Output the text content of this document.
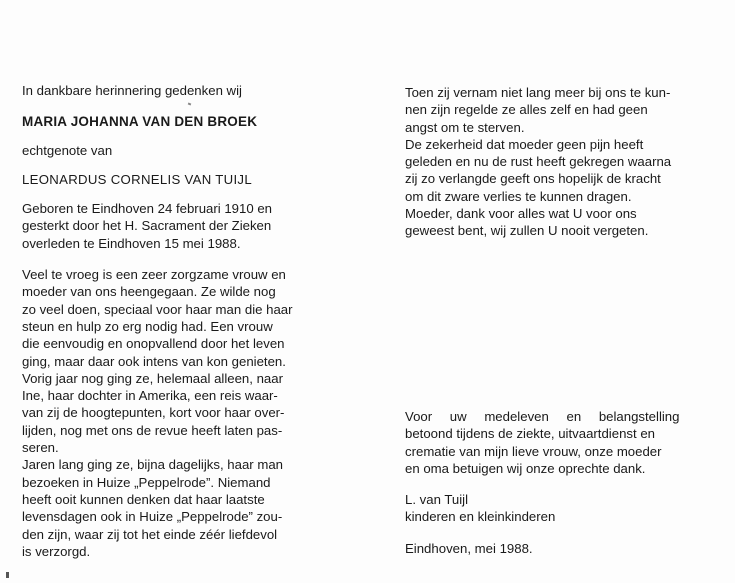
In dankbare herinnering gedenken wij
MARIA JOHANNA VAN DEN BROEK
echtgenote van
LEONARDUS CORNELIS VAN TUIJL
Geboren te Eindhoven 24 februari 1910 en
gesterkt door het H. Sacrament der Zieken
overleden te Eindhoven 15 mei 1988.
Veel te vroeg is een zeer zorgzame vrouw en
moeder van ons heengegaan. Ze wilde nog
zo veel doen, speciaal voor haar man die haar
steun en hulp zo erg nodig had. Een vrouw
die eenvoudig en onopvallend door het leven
ging, maar daar ook intens van kon genieten.
Vorig jaar nog ging ze, helemaal alleen, naar
Ine, haar dochter in Amerika, een reis waar-
van zij de hoogtepunten, kort voor haar over-
lijden, nog met ons de revue heeft laten pas-
seren.
Jaren lang ging ze, bijna dagelijks, haar man
bezoeken in Huize „Peppelrode”. Niemand
heeft ooit kunnen denken dat haar laatste
levensdagen ook in Huize „Peppelrode” zou-
den zijn, waar zij tot het einde zéér liefdevol
is verzorgd.
Toen zij vernam niet lang meer bij ons te kun-
nen zijn regelde ze alles zelf en had geen
angst om te sterven.
De zekerheid dat moeder geen pijn heeft
geleden en nu de rust heeft gekregen waarna
zij zo verlangde geeft ons hopelijk de kracht
om dit zware verlies te kunnen dragen.
Moeder, dank voor alles wat U voor ons
geweest bent, wij zullen U nooit vergeten.
Voor uw medeleven en belangstelling
betoond tijdens de ziekte, uitvaartdienst en
crematie van mijn lieve vrouw, onze moeder
en oma betuigen wij onze oprechte dank.
L. van Tuijl
kinderen en kleinkinderen
Eindhoven, mei 1988.
